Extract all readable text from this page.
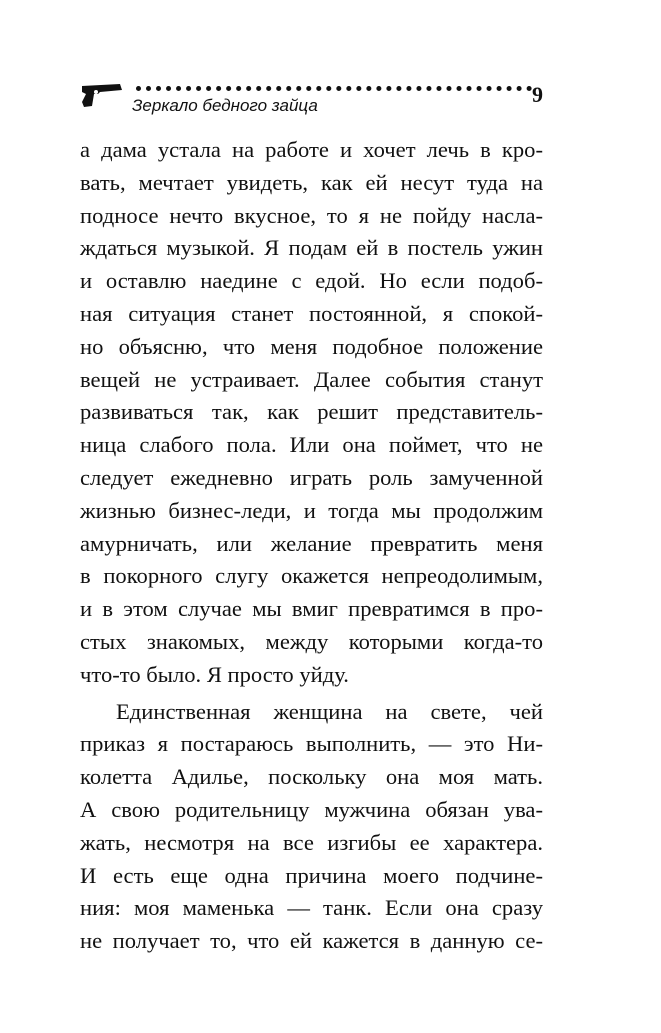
Зеркало бедного зайца	9
а дама устала на работе и хочет лечь в кро-
вать, мечтает увидеть, как ей несут туда на
подносе нечто вкусное, то я не пойду насла-
ждаться музыкой. Я подам ей в постель ужин
и оставлю наедине с едой. Но если подоб-
ная ситуация станет постоянной, я спокой-
но объясню, что меня подобное положение
вещей не устраивает. Далее события станут
развиваться так, как решит представитель-
ница слабого пола. Или она поймет, что не
следует ежедневно играть роль замученной
жизнью бизнес-леди, и тогда мы продолжим
амурничать, или желание превратить меня
в покорного слугу окажется непреодолимым,
и в этом случае мы вмиг превратимся в про-
стых знакомых, между которыми когда-то
что-то было. Я просто уйду.
Единственная женщина на свете, чей
приказ я постараюсь выполнить, — это Ни-
колетта Адилье, поскольку она моя мать.
А свою родительницу мужчина обязан ува-
жать, несмотря на все изгибы ее характера.
И есть еще одна причина моего подчине-
ния: моя маменька — танк. Если она сразу
не получает то, что ей кажется в данную се-
